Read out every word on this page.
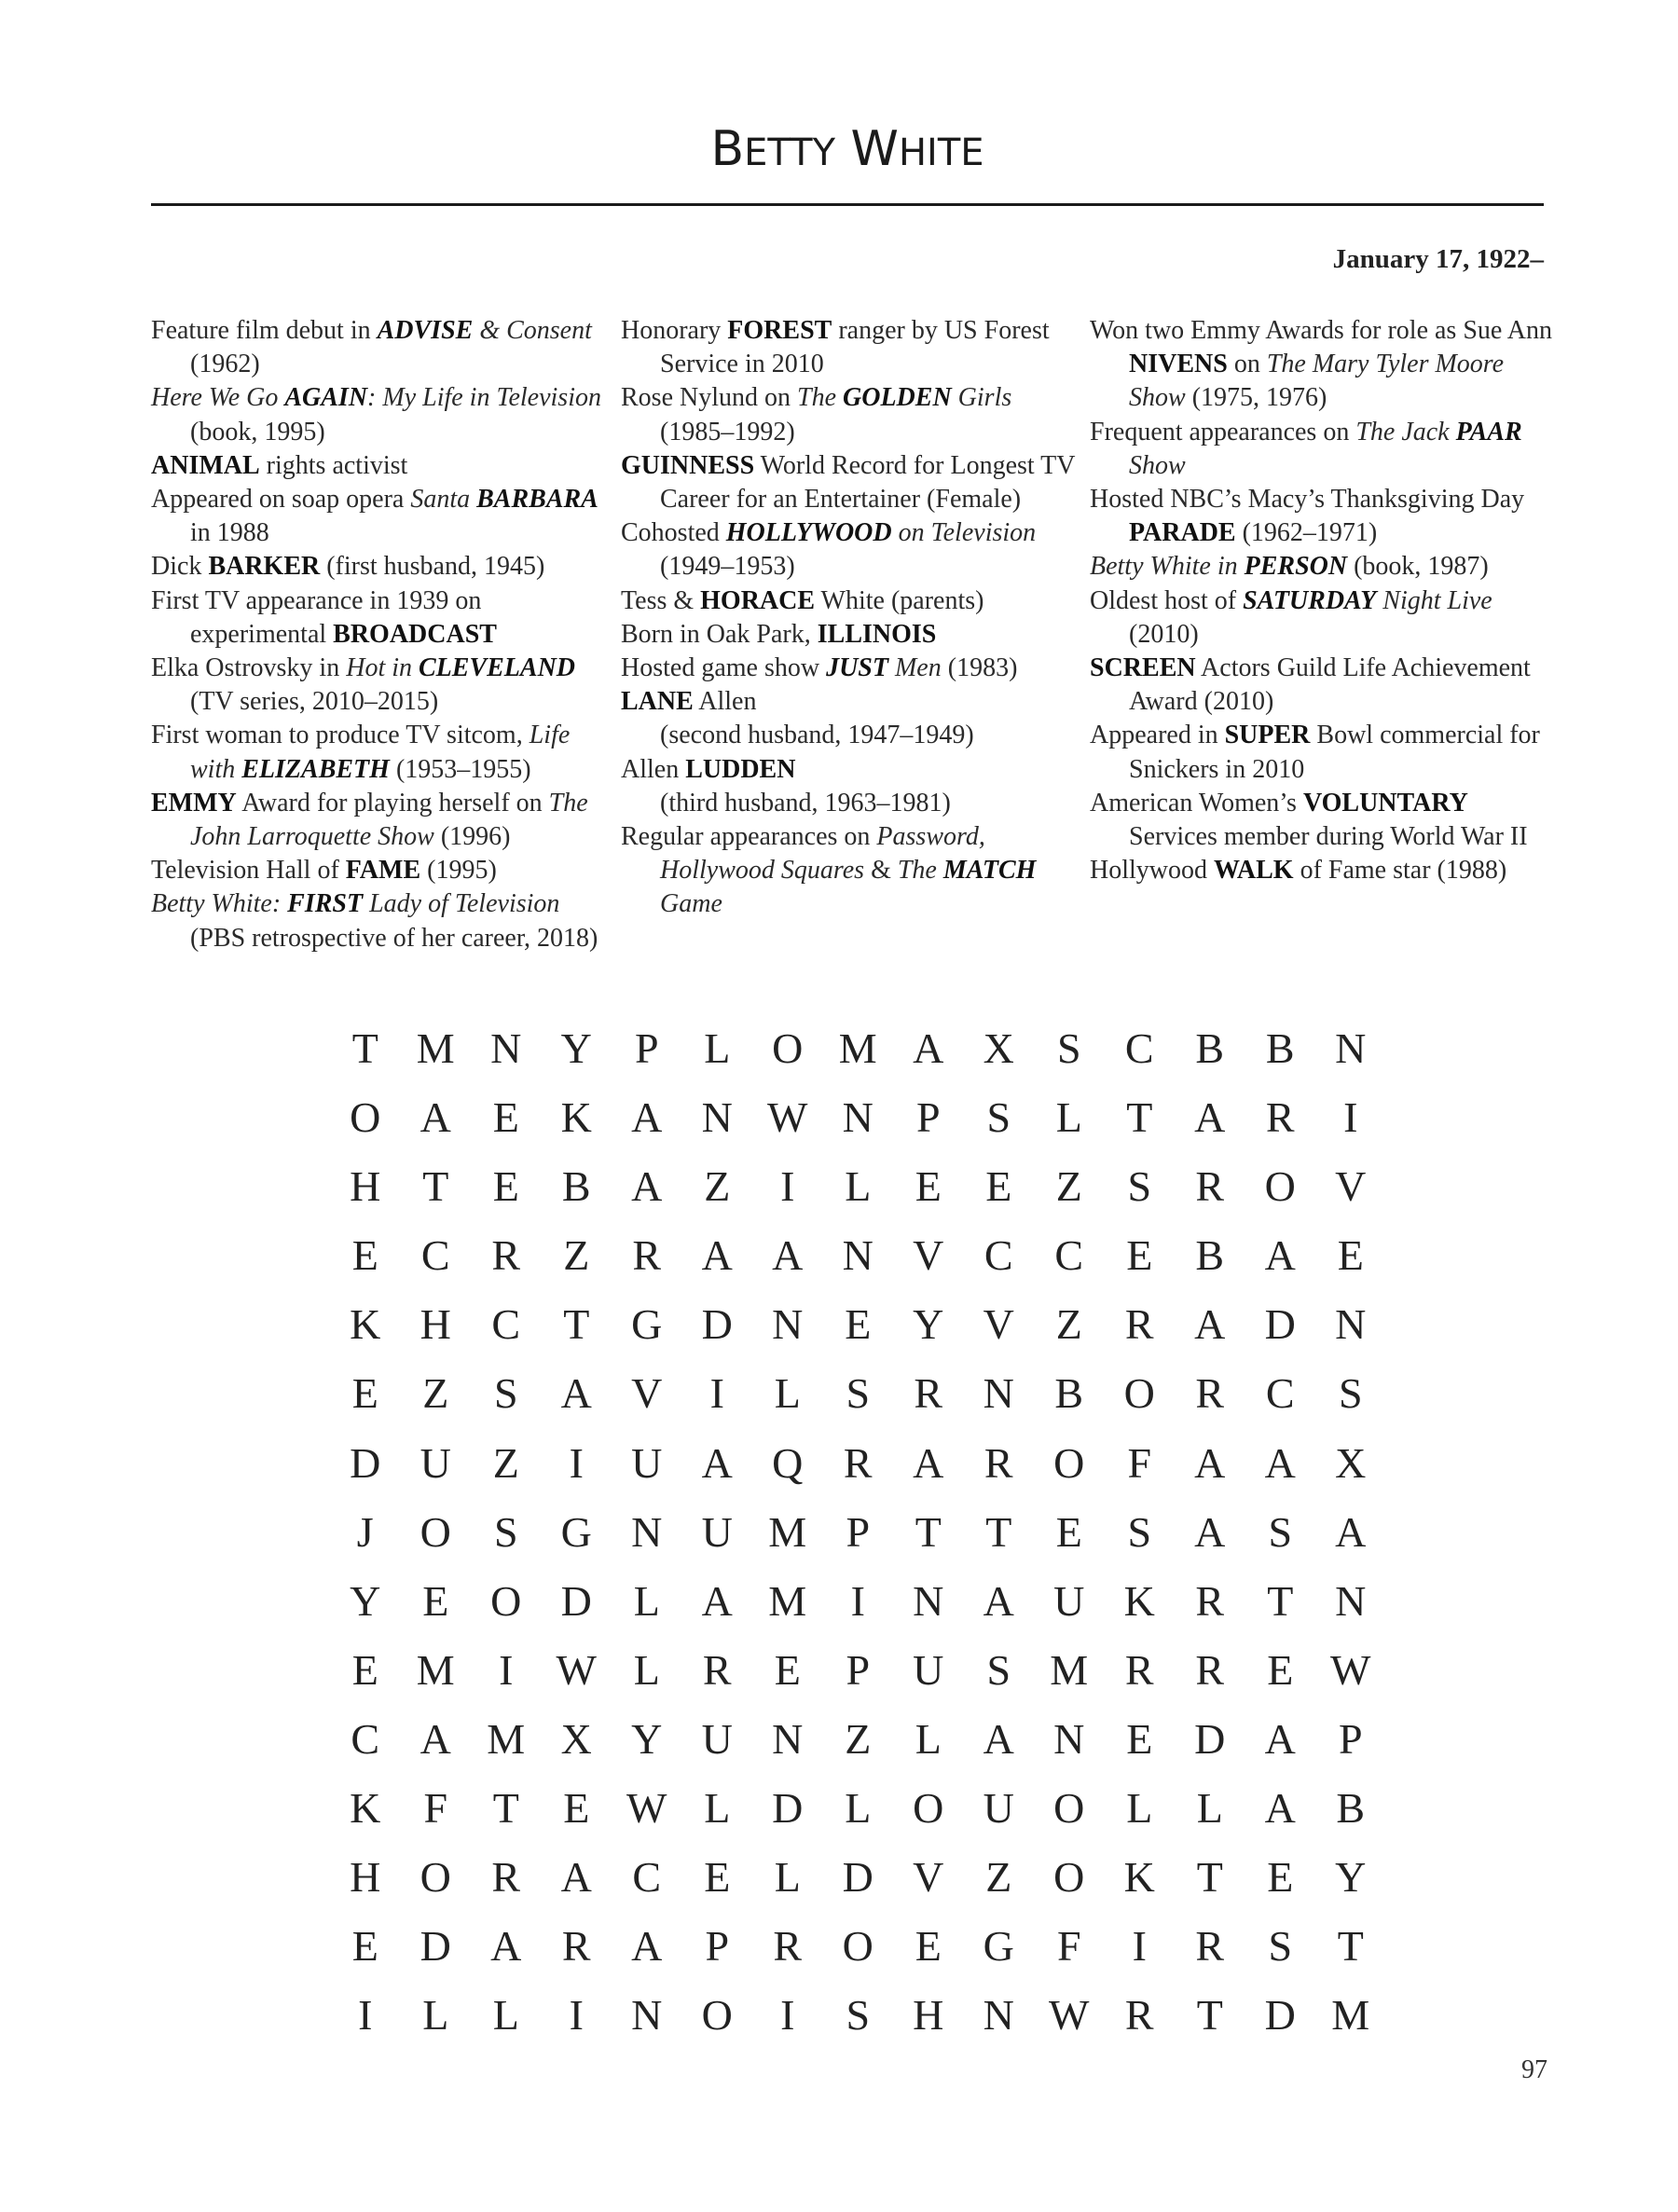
BETTY WHITE
January 17, 1922–

Feature film debut in ADVISE & Consent (1962)

Here We Go AGAIN: My Life in Television (book, 1995)

ANIMAL rights activist

Appeared on soap opera Santa BARBARA in 1988

Dick BARKER (first husband, 1945)

First TV appearance in 1939 on experimental BROADCAST

Elka Ostrovsky in Hot in CLEVELAND (TV series, 2010–2015)

First woman to produce TV sitcom, Life with ELIZABETH (1953–1955)

EMMY Award for playing herself on The John Larroquette Show (1996)

Television Hall of FAME (1995)

Betty White: FIRST Lady of Television (PBS retrospective of her career, 2018)

Honorary FOREST ranger by US Forest Service in 2010

Rose Nylund on The GOLDEN Girls (1985–1992)

GUINNESS World Record for Longest TV Career for an Entertainer (Female)

Cohosted HOLLYWOOD on Television (1949–1953)

Tess & HORACE White (parents)

Born in Oak Park, ILLINOIS

Hosted game show JUST Men (1983)

LANE Allen
(second husband, 1947–1949)

Allen LUDDEN
(third husband, 1963–1981)

Regular appearances on Password, Hollywood Squares & The MATCH Game

Won two Emmy Awards for role as Sue Ann NIVENS on The Mary Tyler Moore Show (1975, 1976)

Frequent appearances on The Jack PAAR Show

Hosted NBC’s Macy’s Thanksgiving Day PARADE (1962–1971)

Betty White in PERSON (book, 1987)

Oldest host of SATURDAY Night Live (2010)

SCREEN Actors Guild Life Achievement Award (2010)

Appeared in SUPER Bowl commercial for Snickers in 2010

American Women’s VOLUNTARY Services member during World War II

Hollywood WALK of Fame star (1988)

T M N Y	P	L O M A X	S	C B B N
O A E K A N W N	P	S	L	T A R	I
H T	E	B A Z	I	L	E	E	Z	S	R O V
E	C R	Z	R A A N V C C	E	B A E
K H C	T G D N E Y V Z	R A D N
E	Z	S	A V	I	L	S	R N B O R C	S
D U Z	I	U A Q R A R O	F	A A X
J	O	S	G N U M P	T	T	E	S	A	S	A
Y E O D L A M	I	N A U K R	T N
E M	I	W L	R	E	P	U	S M R R	E W
C A M X Y U N Z	L A N E D A	P
K	F	T	E W L D L O U O L	L A B
H O R A C	E	L D V Z O K T	E Y
E D A R A	P	R O E G	F	I	R	S	T
I	L	L	I	N O	I	S	H N W R	T D M
97
